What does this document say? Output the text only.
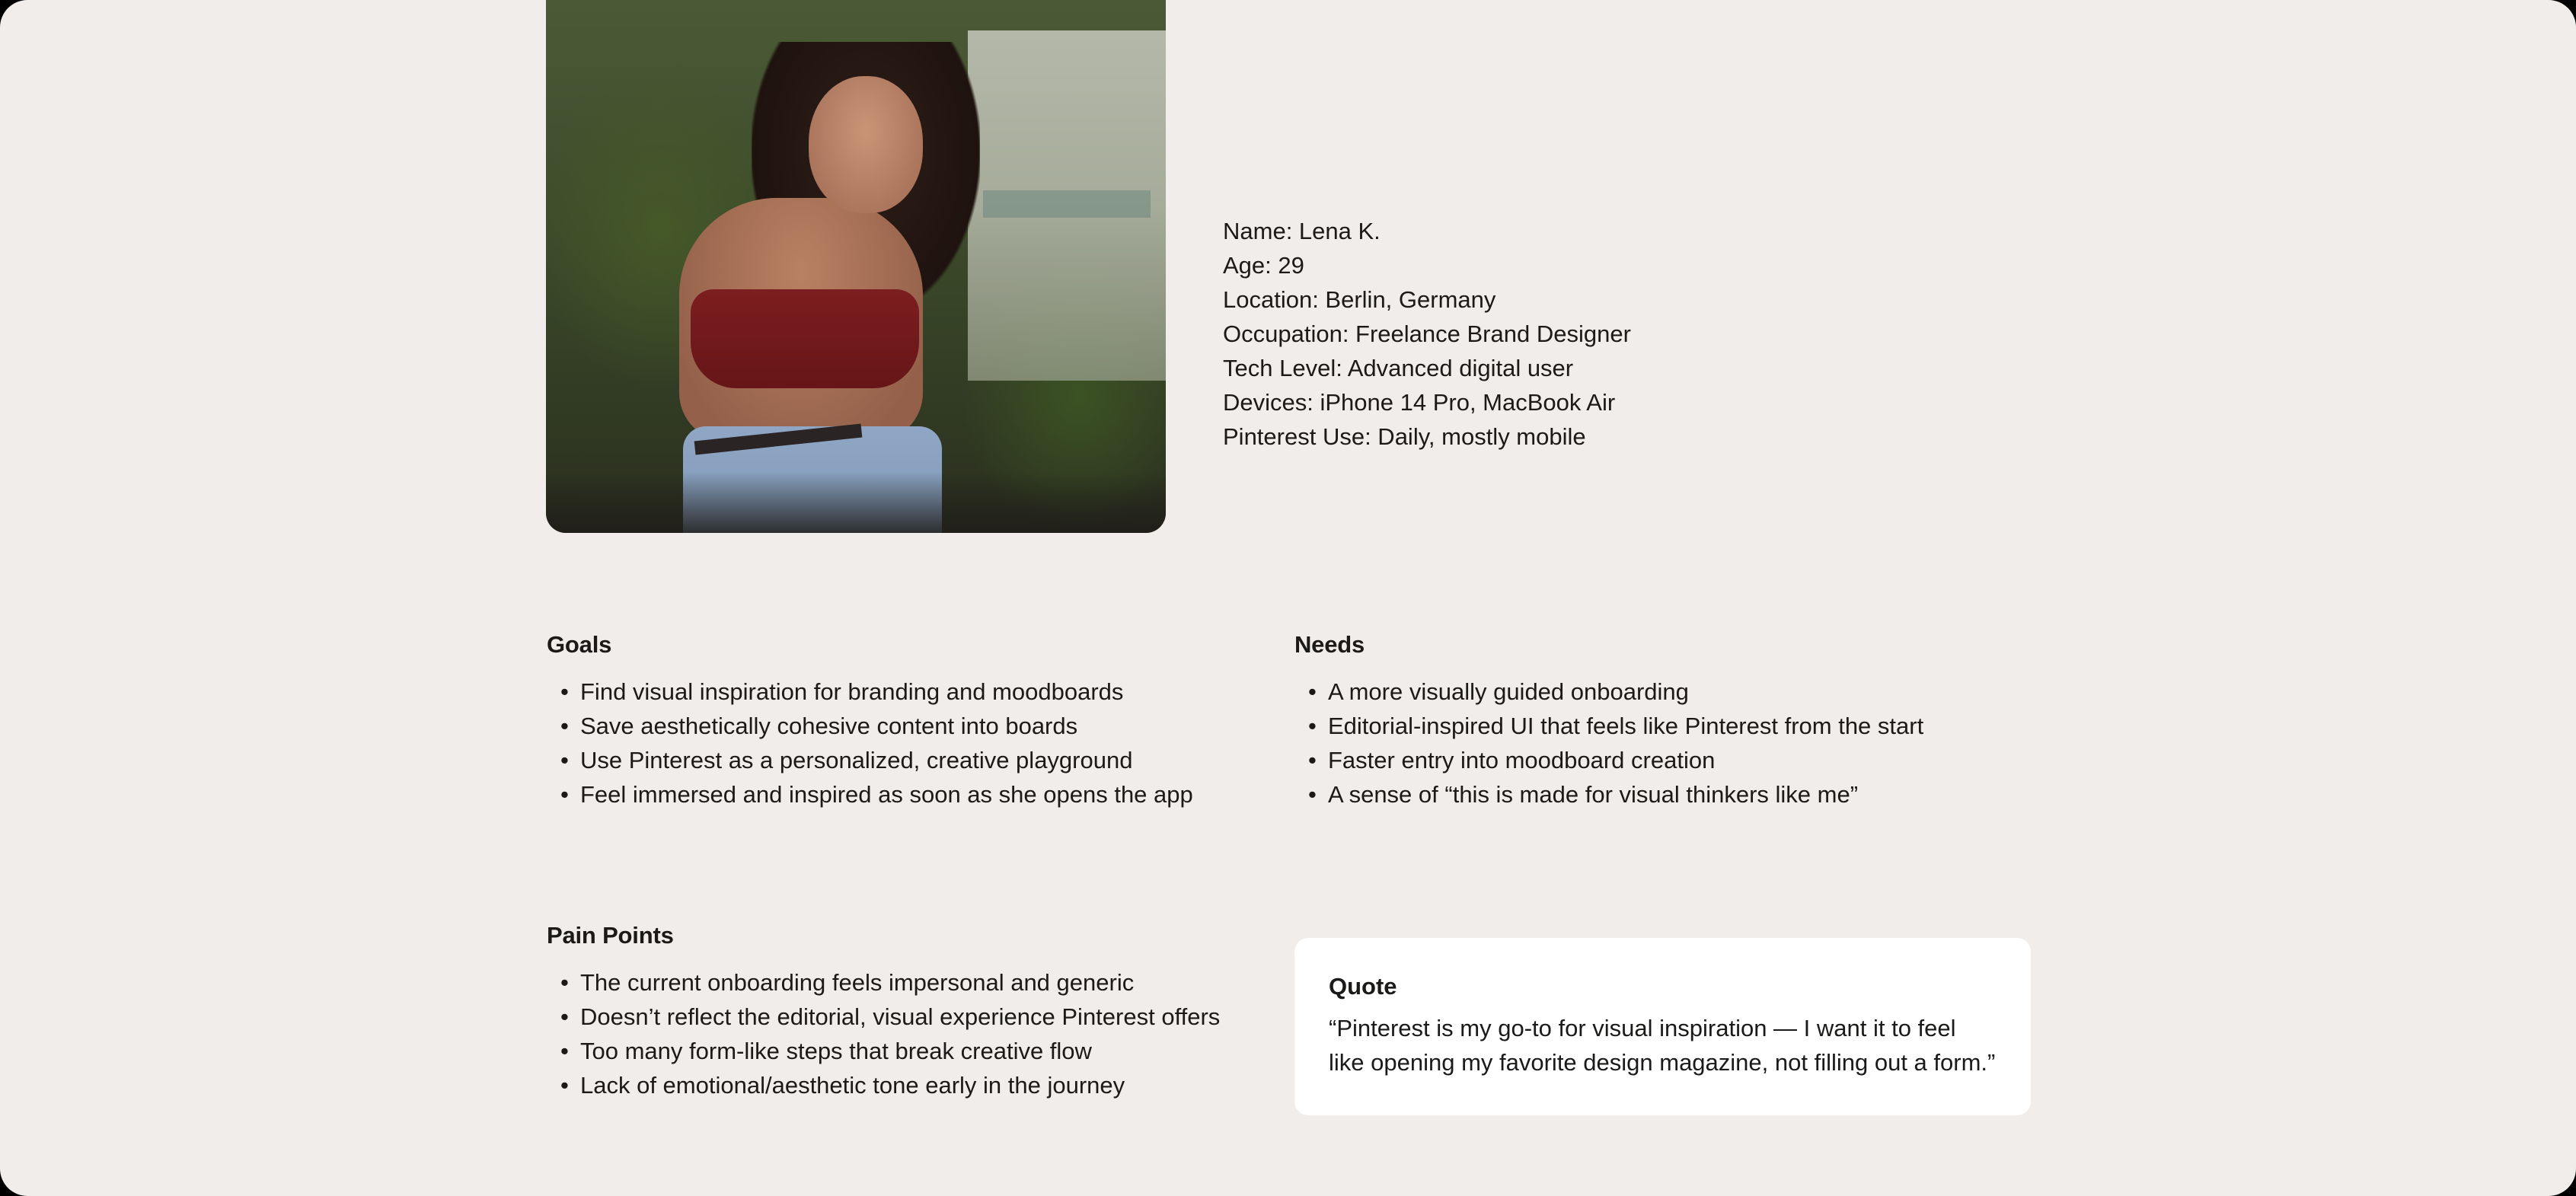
Name: Lena K.
Age: 29
Location: Berlin, Germany
Occupation: Freelance Brand Designer
Tech Level: Advanced digital user
Devices: iPhone 14 Pro, MacBook Air
Pinterest Use: Daily, mostly mobile
Goals
• Find visual inspiration for branding and moodboards
• Save aesthetically cohesive content into boards
• Use Pinterest as a personalized, creative playground
• Feel immersed and inspired as soon as she opens the app
Needs
• A more visually guided onboarding
• Editorial-inspired UI that feels like Pinterest from the start
• Faster entry into moodboard creation
• A sense of “this is made for visual thinkers like me”
Pain Points
• The current onboarding feels impersonal and generic
• Doesn’t reflect the editorial, visual experience Pinterest offers
• Too many form-like steps that break creative flow
• Lack of emotional/aesthetic tone early in the journey
Quote

“Pinterest is my go-to for visual inspiration — I want it to feel like opening my favorite design magazine, not filling out a form.”
